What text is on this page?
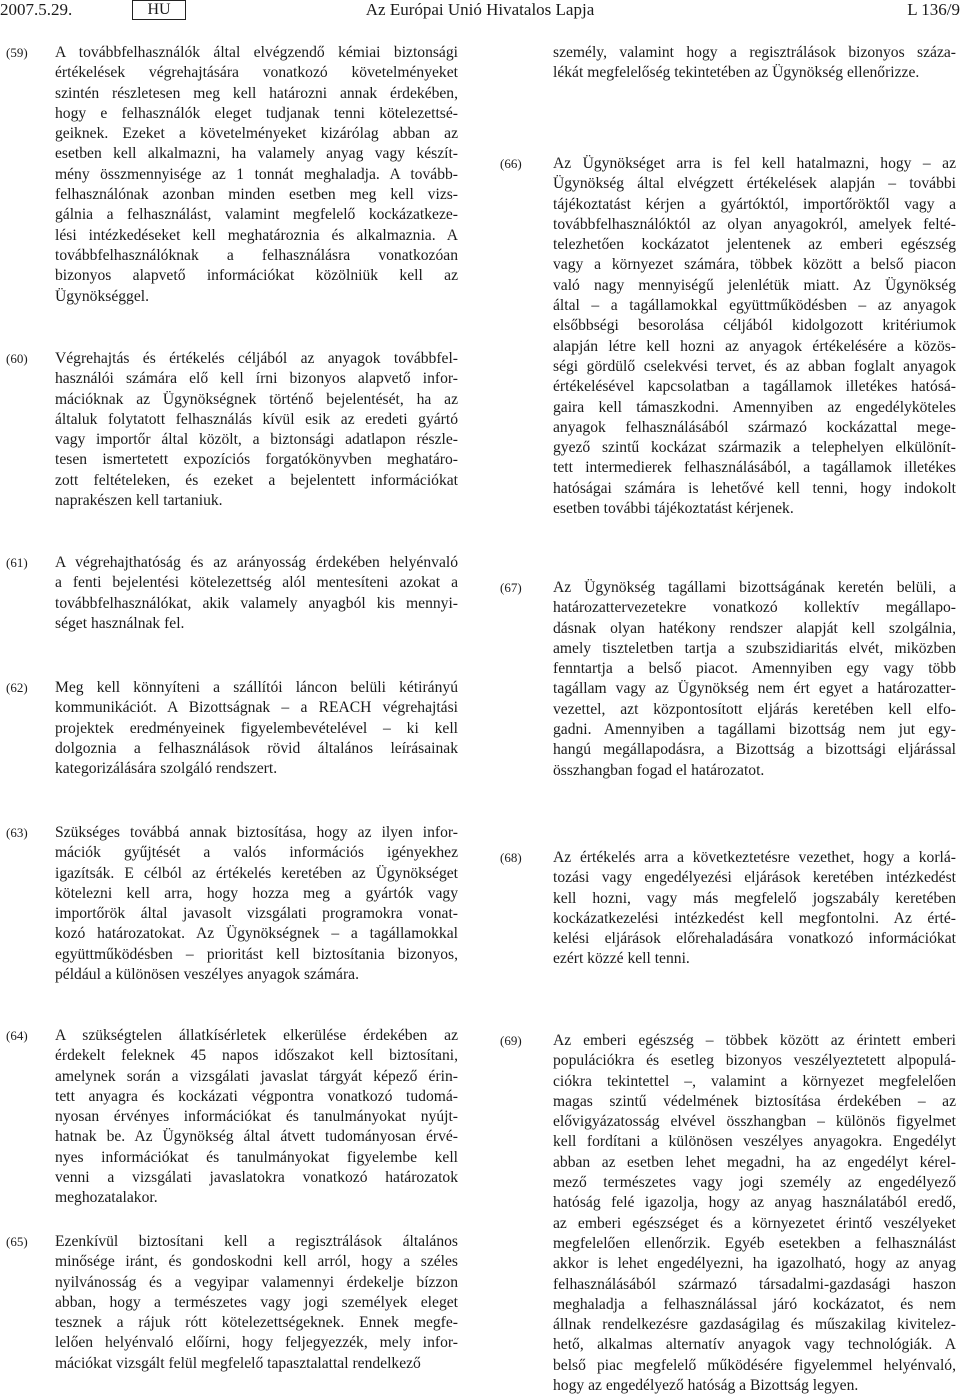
Az Európai Unió Hivatalos Lapja
2007.5.29.	HU	L 136/9
(59) A továbbfelhasználók által elvégzendő kémiai biztonsági
értékelések végrehajtására vonatkozó követelményeket
szintén részletesen meg kell határozni annak érdekében,
hogy e felhasználók eleget tudjanak tenni kötelezettsé-
geiknek. Ezeket a követelményeket kizárólag abban az
esetben kell alkalmazni, ha valamely anyag vagy készít-
mény összmennyisége az 1 tonnát meghaladja. A tovább-
felhasználónak azonban minden esetben meg kell vizs-
gálnia a felhasználást, valamint megfelelő kockázatkeze-
lési intézkedéseket kell meghatároznia és alkalmaznia. A
továbbfelhasználóknak a felhasználásra vonatkozóan
bizonyos alapvető információkat közölniük kell az
Ügynökséggel.
(60) Végrehajtás és értékelés céljából az anyagok továbbfel-
használói számára elő kell írni bizonyos alapvető infor-
mációknak az Ügynökségnek történő bejelentését, ha az
általuk folytatott felhasználás kívül esik az eredeti gyártó
vagy importőr által közölt, a biztonsági adatlapon részle-
tesen ismertetett expozíciós forgatókönyvben meghatáro-
zott feltételeken, és ezeket a bejelentett információkat
naprakészen kell tartaniuk.
(61) A végrehajthatóság és az arányosság érdekében helyénvaló
a fenti bejelentési kötelezettség alól mentesíteni azokat a
továbbfelhasználókat, akik valamely anyagból kis mennyi-
séget használnak fel.
(62) Meg kell könnyíteni a szállítói láncon belüli kétirányú
kommunikációt. A Bizottságnak – a REACH végrehajtási
projektek eredményeinek figyelembevételével – ki kell
dolgoznia a felhasználások rövid általános leírásainak
kategorizálására szolgáló rendszert.
(63) Szükséges továbbá annak biztosítása, hogy az ilyen infor-
mációk gyűjtését a valós információs igényekhez
igazítsák. E célból az értékelés keretében az Ügynökséget
kötelezni kell arra, hogy hozza meg a gyártók vagy
importőrök által javasolt vizsgálati programokra vonat-
kozó határozatokat. Az Ügynökségnek – a tagállamokkal
együttműködésben – prioritást kell biztosítania bizonyos,
például a különösen veszélyes anyagok számára.
(64) A szükségtelen állatkísérletek elkerülése érdekében az
érdekelt feleknek 45 napos időszakot kell biztosítani,
amelynek során a vizsgálati javaslat tárgyát képező érin-
tett anyagra és kockázati végpontra vonatkozó tudomá-
nyosan érvényes információkat és tanulmányokat nyújt-
hatnak be. Az Ügynökség által átvett tudományosan érvé-
nyes információkat és tanulmányokat figyelembe kell
venni a vizsgálati javaslatokra vonatkozó határozatok
meghozatalakor.
(65) Ezenkívül biztosítani kell a regisztrálások általános
minősége iránt, és gondoskodni kell arról, hogy a széles
nyilvánosság és a vegyipar valamennyi érdekelje bízzon
abban, hogy a természetes vagy jogi személyek eleget
tesznek a rájuk rótt kötelezettségeknek. Ennek megfe-
lelően helyénvaló előírni, hogy feljegyezzék, mely infor-
mációkat vizsgált felül megfelelő tapasztalattal rendelkező
személy, valamint hogy a regisztrálások bizonyos száza-
lékát megfelelőség tekintetében az Ügynökség ellenőrizze.
(66) Az Ügynökséget arra is fel kell hatalmazni, hogy – az
Ügynökség által elvégzett értékelések alapján – további
tájékoztatást kérjen a gyártóktól, importőröktől vagy a
továbbfelhasználóktól az olyan anyagokról, amelyek felté-
telezhetően kockázatot jelentenek az emberi egészség
vagy a környezet számára, többek között a belső piacon
való nagy mennyiségű jelenlétük miatt. Az Ügynökség
által – a tagállamokkal együttműködésben – az anyagok
elsőbbségi besorolása céljából kidolgozott kritériumok
alapján létre kell hozni az anyagok értékelésére a közös-
ségi gördülő cselekvési tervet, és az abban foglalt anyagok
értékelésével kapcsolatban a tagállamok illetékes hatósá-
gaira kell támaszkodni. Amennyiben az engedélyköteles
anyagok felhasználásából származó kockázattal mege-
gyező szintű kockázat származik a telephelyen elkülönít-
tett intermedierek felhasználásából, a tagállamok illetékes
hatóságai számára is lehetővé kell tenni, hogy indokolt
esetben további tájékoztatást kérjenek.
(67) Az Ügynökség tagállami bizottságának keretén belüli, a
határozattervezetekre vonatkozó kollektív megállapo-
dásnak olyan hatékony rendszer alapját kell szolgálnia,
amely tiszteletben tartja a szubszidiaritás elvét, miközben
fenntartja a belső piacot. Amennyiben egy vagy több
tagállam vagy az Ügynökség nem ért egyet a határozatter-
vezettel, azt központosított eljárás keretében kell elfo-
gadni. Amennyiben a tagállami bizottság nem jut egy-
hangú megállapodásra, a Bizottság a bizottsági eljárással
összhangban fogad el határozatot.
(68) Az értékelés arra a következtetésre vezethet, hogy a korlá-
tozási vagy engedélyezési eljárások keretében intézkedést
kell hozni, vagy más megfelelő jogszabály keretében
kockázatkezelési intézkedést kell megfontolni. Az érté-
kelési eljárások előrehaladására vonatkozó információkat
ezért közzé kell tenni.
(69) Az emberi egészség – többek között az érintett emberi
populációkra és esetleg bizonyos veszélyeztetett alpopulá-
ciókra tekintettel –, valamint a környezet megfelelően
magas szintű védelmének biztosítása érdekében – az
elővigyázatosság elvével összhangban – különös figyelmet
kell fordítani a különösen veszélyes anyagokra. Engedélyt
abban az esetben lehet megadni, ha az engedélyt kérel-
mező természetes vagy jogi személy az engedélyező
hatóság felé igazolja, hogy az anyag használatából eredő,
az emberi egészséget és a környezetet érintő veszélyeket
megfelelően ellenőrzik. Egyéb esetekben a felhasználást
akkor is lehet engedélyezni, ha igazolható, hogy az anyag
felhasználásából származó társadalmi-gazdasági haszon
meghaladja a felhasználással járó kockázatot, és nem
állnak rendelkezésre gazdaságilag és műszakilag kivitelez-
hető, alkalmas alternatív anyagok vagy technológiák. A
belső piac megfelelő működésére figyelemmel helyénvaló,
hogy az engedélyező hatóság a Bizottság legyen.
